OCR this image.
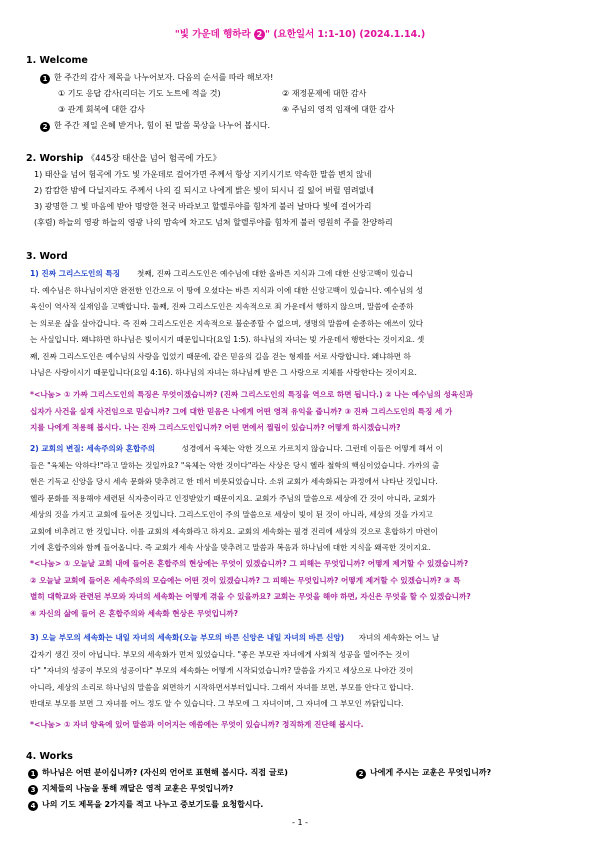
"빛 가운데 행하라 2 " (요한일서 1:1-10) (2024.1.14.)
1. Welcome
1 한 주간의 감사 제목을 나누어보자. 다음의 순서를 따라 해보자!
① 기도 응답 감사(리더는 기도 노트에 적을 것)	② 재정문제에 대한 감사
③ 관계 회복에 대한 감사	④ 주님의 영적 임재에 대한 감사
2 한 주간 제일 은혜 받거나, 힘이 된 말씀 묵상을 나누어 봅시다.
2. Worship 《445장 태산을 넘어 험곡에 가도》
1) 태산을 넘어 험곡에 가도 빛 가운데로 걸어가면 주께서 항상 지키시기로 약속한 말씀 변치 않네
2) 캄캄한 밤에 다닐지라도 주께서 나의 길 되시고 나에게 밝은 빛이 되시니 길 잃어 버릴 염려없네
3) 광명한 그 빛 마음에 받아 명랑한 천국 바라보고 할렐루야를 힘차게 불러 날마다 빛에 걸어가리
(후렴) 하늘의 영광 하늘의 영광 나의 맘속에 차고도 넘쳐 할렐루야를 힘차게 불러 영원히 주를 찬양하리
3. Word
1) 진짜 그리스도인의 특징 첫째, 진짜 그리스도인은 예수님에 대한 올바른 지식과 그에 대한 신앙고백이 있습니
다. 예수님은 하나님이지만 완전한 인간으로 이 땅에 오셨다는 바른 지식과 이에 대한 신앙고백이 있습니다. 예수님의 성
육신이 역사적 실재임을 고백합니다. 둘째, 진짜 그리스도인은 지속적으로 죄 가운데서 행하지 않으며, 말씀에 순종하
는 의로운 삶을 살아갑니다. 즉 진짜 그리스도인은 지속적으로 불순종할 수 없으며, 생명의 말씀에 순종하는 애쓰이 있다
는 사실입니다. 왜냐하면 하나님은 빛이시기 때문입니다(요일 1:5). 하나님의 자녀는 빛 가운데서 행한다는 것이지요. 셋
째, 진짜 그리스도인은 예수님의 사랑을 입었기 때문에, 같은 믿음의 길을 걷는 형제를 서로 사랑합니다. 왜냐하면 하
나님은 사랑이시기 때문입니다(요일 4:16). 하나님의 자녀는 하나님께 받은 그 사랑으로 지체를 사랑한다는 것이지요.
*<나눔> ① 가짜 그리스도인의 특징은 무엇이겠습니까? (진짜 그리스도인의 특징을 역으로 하면 됩니다.) ② 나는 예수님의 성육신과
십자가 사건을 실재 사건임으로 믿습니까? 그에 대한 믿음은 나에게 어떤 영적 유익을 줍니까? ③ 진짜 그리스도인의 특징 세 가
지를 나에게 적용해 봅시다. 나는 진짜 그리스도인입니까? 어떤 면에서 찔림이 있습니까? 어떻게 하시겠습니까?
2) 교회의 변질: 세속주의와 혼합주의	성경에서 육체는 악한 것으로 가르치지 않습니다. 그런데 이들은 어떻게 해서 이
들은 "육체는 악하다!"라고 말하는 것일까요? "육체는 악한 것이다"라는 사상은 당시 헬라 철학의 핵심이었습니다. 가까의 출
현은 기독교 신앙을 당시 세속 문화와 맞추려고 한 데서 비롯되었습니다. 소위 교회가 세속화되는 과정에서 나타난 것입니다.
헬라 문화를 적용해야 세련된 식자층이라고 인정받았기 때문이지요. 교회가 주님의 말씀으로 세상에 간 것이 아니라, 교회가
세상의 것을 가지고 교회에 들어온 것입니다. 그리스도인이 주의 말씀으로 세상이 빛이 된 것이 아니라, 세상의 것을 가지고
교회에 비추려고 한 것입니다. 이를 교회의 세속화라고 하지요. 교회의 세속화는 필경 진리에 세상의 것으로 혼합하기 마련이
기에 혼합주의와 함께 들어옵니다. 즉 교회가 세속 사상을 맞추려고 말씀과 복음과 하나님에 대한 지식을 왜곡한 것이지요.
*<나눔> ① 오늘날 교회 내에 들어온 혼합주의 현상에는 무엇이 있겠습니까? 그 피해는 무엇입니까? 어떻게 제거할 수 있겠습니까?
② 오늘날 교회에 들어온 세속주의의 모습에는 어떤 것이 있겠습니까? 그 피해는 무엇입니까? 어떻게 제거할 수 있겠습니까? ③ 특
별히 대학교와 관련된 부모와 자녀의 세속화는 어떻게 겪을 수 있을까요? 교회는 무엇을 해야 하면, 자신은 무엇을 할 수 있겠습니까?
④ 자신의 삶에 들어 온 혼합주의와 세속화 현상은 무엇입니까?
3) 오늘 부모의 세속화는 내일 자녀의 세속화(오늘 부모의 바른 신앙은 내일 자녀의 바른 신앙) 자녀의 세속화는 어느 날
갑자기 생긴 것이 아닙니다. 부모의 세속화가 먼저 있었습니다. "좋은 부모란 자녀에게 사회적 성공을 열어주는 것이
다" "자녀의 성공이 부모의 성공이다" 부모의 세속화는 어떻게 시작되었습니까? 말씀을 가지고 세상으로 나아간 것이
아니라, 세상의 소리로 하나님의 말씀을 외면하기 시작하면서부터입니다. 그래서 자녀를 보면, 부모를 안다고 합니다.
반대로 부모를 보면 그 자녀를 어느 정도 알 수 있습니다. 그 부모에 그 자녀이며, 그 자녀에 그 부모인 까닭입니다.
*<나눔> ① 자녀 양육에 있어 말씀과 이어지는 애씀에는 무엇이 있습니까? 정직하게 진단해 봅시다.
4. Works
1 하나님은 어떤 분이십니까? (자신의 언어로 표현해 봅시다. 직접 글로)	2 나에게 주시는 교훈은 무엇입니까?
3 지체들의 나눔을 통해 깨달은 영적 교훈은 무엇입니까?
4 나의 기도 제목을 2가지를 적고 나누고 중보기도를 요청합시다.
- 1 -
